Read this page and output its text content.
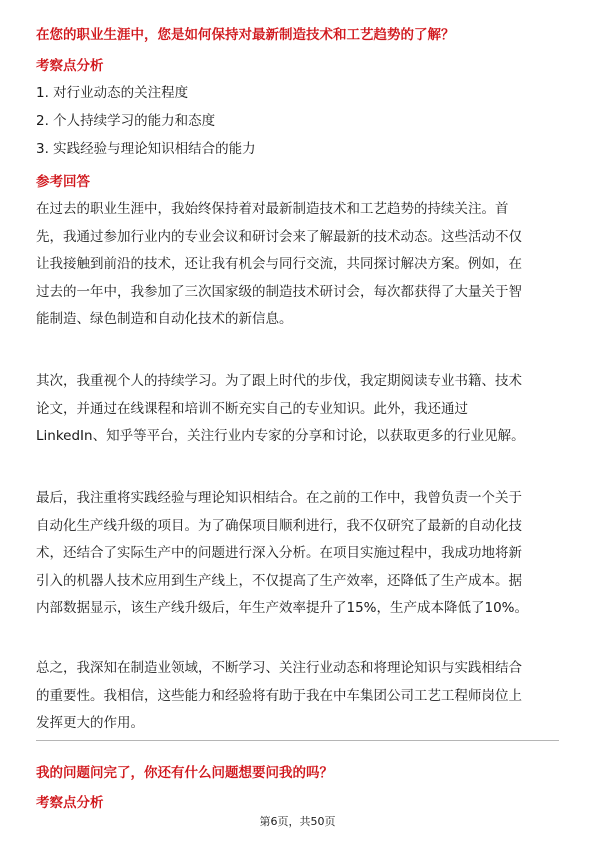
在您的职业生涯中，您是如何保持对最新制造技术和工艺趋势的了解？
考察点分析
1. 对行业动态的关注程度
2. 个人持续学习的能力和态度
3. 实践经验与理论知识相结合的能力
参考回答
在过去的职业生涯中，我始终保持着对最新制造技术和工艺趋势的持续关注。首
先，我通过参加行业内的专业会议和研讨会来了解最新的技术动态。这些活动不仅
让我接触到前沿的技术，还让我有机会与同行交流，共同探讨解决方案。例如，在
过去的一年中，我参加了三次国家级的制造技术研讨会，每次都获得了大量关于智
能制造、绿色制造和自动化技术的新信息。
其次，我重视个人的持续学习。为了跟上时代的步伐，我定期阅读专业书籍、技术
论文，并通过在线课程和培训不断充实自己的专业知识。此外，我还通过
LinkedIn、知乎等平台，关注行业内专家的分享和讨论，以获取更多的行业见解。
最后，我注重将实践经验与理论知识相结合。在之前的工作中，我曾负责一个关于
自动化生产线升级的项目。为了确保项目顺利进行，我不仅研究了最新的自动化技
术，还结合了实际生产中的问题进行深入分析。在项目实施过程中，我成功地将新
引入的机器人技术应用到生产线上，不仅提高了生产效率，还降低了生产成本。据
内部数据显示，该生产线升级后，年生产效率提升了15%，生产成本降低了10%。
总之，我深知在制造业领域，不断学习、关注行业动态和将理论知识与实践相结合
的重要性。我相信，这些能力和经验将有助于我在中车集团公司工艺工程师岗位上
发挥更大的作用。
我的问题问完了，你还有什么问题想要问我的吗？
考察点分析
第6页，共50页
